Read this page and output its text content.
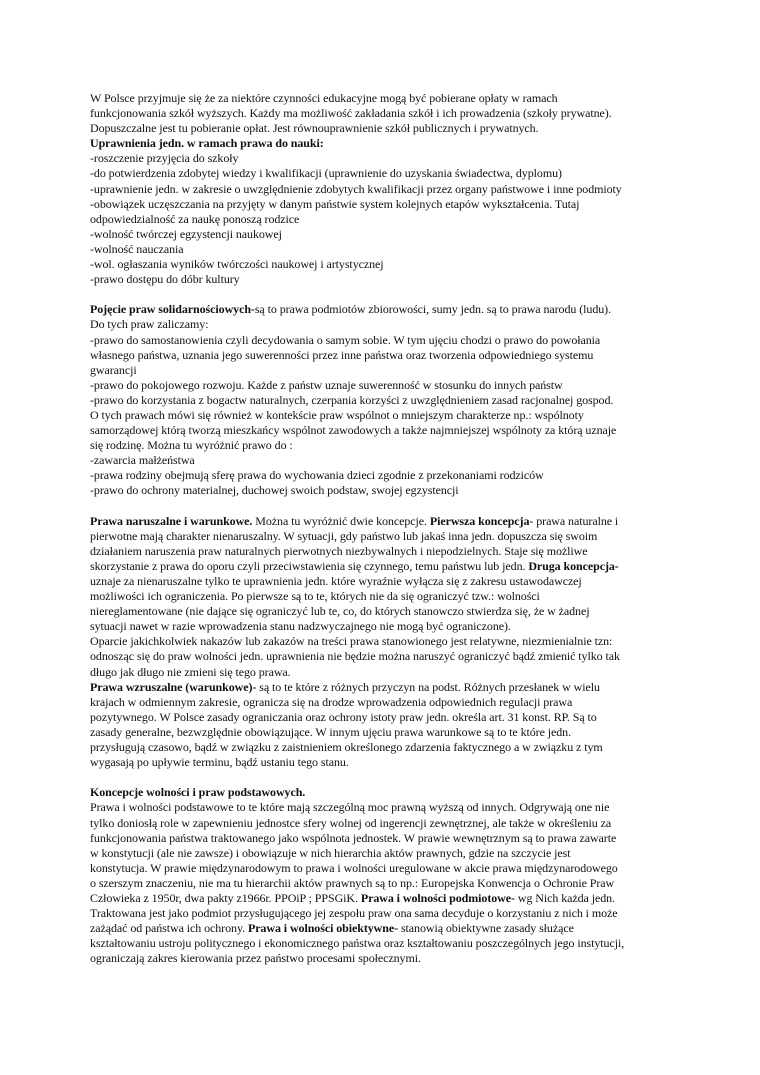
W Polsce przyjmuje się że za niektóre czynności edukacyjne mogą być pobierane opłaty w ramach
funkcjonowania szkół wyższych. Każdy ma możliwość zakładania szkół i ich prowadzenia (szkoły prywatne).
Dopuszczalne jest tu pobieranie opłat. Jest równouprawnienie szkół publicznych i prywatnych.
Uprawnienia jedn. w ramach prawa do nauki:
-roszczenie przyjęcia do szkoły
-do potwierdzenia zdobytej wiedzy i kwalifikacji (uprawnienie do uzyskania świadectwa, dyplomu)
-uprawnienie jedn. w zakresie o uwzględnienie zdobytych kwalifikacji przez organy państwowe i inne podmioty
-obowiązek uczęszczania na przyjęty w danym państwie system kolejnych etapów wykształcenia. Tutaj
odpowiedzialność za naukę ponoszą rodzice
-wolność twórczej egzystencji naukowej
-wolność nauczania
-wol. ogłaszania wyników twórczości naukowej i artystycznej
-prawo dostępu do dóbr kultury
Pojęcie praw solidarnościowych-są to prawa podmiotów zbiorowości, sumy jedn. są to prawa narodu (ludu).
Do tych praw zaliczamy:
-prawo do samostanowienia czyli decydowania o samym sobie. W tym ujęciu chodzi o prawo do powołania
własnego państwa, uznania jego suwerenności przez inne państwa oraz tworzenia odpowiedniego systemu
gwarancji
-prawo do pokojowego rozwoju. Każde z państw uznaje suwerenność w stosunku do innych państw
-prawo do korzystania z bogactw naturalnych, czerpania korzyści z uwzględnieniem zasad racjonalnej gospod.
O tych prawach mówi się również w kontekście praw wspólnot o mniejszym charakterze np.: wspólnoty
samorządowej którą tworzą mieszkańcy wspólnot zawodowych a także najmniejszej wspólnoty za którą uznaje
się rodzinę. Można tu wyróżnić prawo do :
-zawarcia małżeństwa
-prawa rodziny obejmują sferę prawa do wychowania dzieci zgodnie z przekonaniami rodziców
-prawo do ochrony materialnej, duchowej swoich podstaw, swojej egzystencji
Prawa naruszalne i warunkowe. Można tu wyróżnić dwie koncepcje. Pierwsza koncepcja- prawa naturalne i
pierwotne mają charakter nienaruszalny. W sytuacji, gdy państwo lub jakaś inna jedn. dopuszcza się swoim
działaniem naruszenia praw naturalnych pierwotnych niezbywalnych i niepodzielnych. Staje się możliwe
skorzystanie z prawa do oporu czyli przeciwstawienia się czynnego, temu państwu lub jedn. Druga koncepcja-
uznaje za nienaruszalne tylko te uprawnienia jedn. które wyraźnie wyłącza się z zakresu ustawodawczej
możliwości ich ograniczenia. Po pierwsze są to te, których nie da się ograniczyć tzw.: wolności
niereglamentowane (nie dające się ograniczyć lub te, co, do których stanowczo stwierdza się, że w żadnej
sytuacji nawet w razie wprowadzenia stanu nadzwyczajnego nie mogą być ograniczone).
Oparcie jakichkolwiek nakazów lub zakazów na treści prawa stanowionego jest relatywne, niezmienialnie tzn:
odnosząc się do praw wolności jedn. uprawnienia nie będzie można naruszyć ograniczyć bądź zmienić tylko tak
długo jak długo nie zmieni się tego prawa.
Prawa wzruszalne (warunkowe)- są to te które z różnych przyczyn na podst. Różnych przesłanek w wielu
krajach w odmiennym zakresie, ogranicza się na drodze wprowadzenia odpowiednich regulacji prawa
pozytywnego. W Polsce zasady ograniczania oraz ochrony istoty praw jedn. określa art. 31 konst. RP. Są to
zasady generalne, bezwzględnie obowiązujące. W innym ujęciu prawa warunkowe są to te które jedn.
przysługują czasowo, bądź w związku z zaistnieniem określonego zdarzenia faktycznego a w związku z tym
wygasają po upływie terminu, bądź ustaniu tego stanu.
Koncepcje wolności i praw podstawowych.
Prawa i wolności podstawowe to te które mają szczególną moc prawną wyższą od innych. Odgrywają one nie
tylko doniosłą role w zapewnieniu jednostce sfery wolnej od ingerencji zewnętrznej, ale także w określeniu za
funkcjonowania państwa traktowanego jako wspólnota jednostek. W prawie wewnętrznym są to prawa zawarte
w konstytucji (ale nie zawsze) i obowiązuje w nich hierarchia aktów prawnych, gdzie na szczycie jest
konstytucja. W prawie międzynarodowym to prawa i wolności uregulowane w akcie prawa międzynarodowego
o szerszym znaczeniu, nie ma tu hierarchii aktów prawnych są to np.: Europejska Konwencja o Ochronie Praw
Człowieka z 1950r, dwa pakty z1966r. PPOiP ; PPSGiK. Prawa i wolności podmiotowe- wg Nich każda jedn.
Traktowana jest jako podmiot przysługującego jej zespołu praw ona sama decyduje o korzystaniu z nich i może
zażądać od państwa ich ochrony. Prawa i wolności obiektywne- stanowią obiektywne zasady służące
kształtowaniu ustroju politycznego i ekonomicznego państwa oraz kształtowaniu poszczególnych jego instytucji,
ograniczają zakres kierowania przez państwo procesami społecznymi.
